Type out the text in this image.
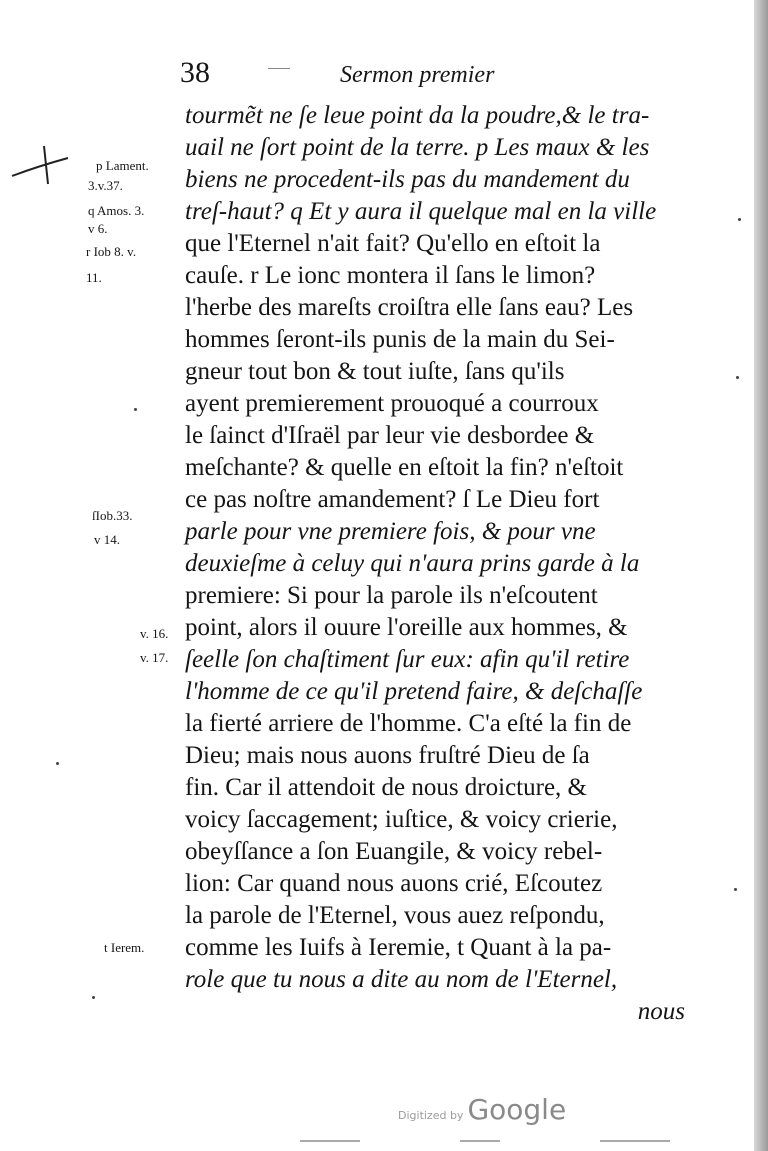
38	Sermon premier
p Lament.
3.v.37.
q Amos. 3.
v 6.
r Iob 8. v.
11.
ſIob.33.
v 14.
v. 16.
v. 17.
t Ierem.
tourmẽt ne ſe leue point da la poudre,& le tra-
uail ne ſort point de la terre. p Les maux & les
biens ne procedent-ils pas du mandement du
treſ-haut? q Et y aura il quelque mal en la ville
que l'Eternel n'ait fait? Qu'ello en eſtoit la
cauſe. r Le ionc montera il ſans le limon?
l'herbe des mareſts croiſtra elle ſans eau? Les
hommes ſeront-ils punis de la main du Sei-
gneur tout bon & tout iuſte, ſans qu'ils
ayent premierement prouoqué a courroux
le ſainct d'Iſraël par leur vie desbordee &
meſchante? & quelle en eſtoit la fin? n'eſtoit
ce pas noſtre amandement? ſ Le Dieu fort
parle pour vne premiere fois, & pour vne
deuxieſme à celuy qui n'aura prins garde à la
premiere: Si pour la parole ils n'eſcoutent
point, alors il ouure l'oreille aux hommes, &
ſeelle ſon chaſtiment ſur eux: afin qu'il retire
l'homme de ce qu'il pretend faire, & deſchaſſe
la fierté arriere de l'homme. C'a eſté la fin de
Dieu; mais nous auons fruſtré Dieu de ſa
fin. Car il attendoit de nous droicture, &
voicy ſaccagement; iuſtice, & voicy crierie,
obeyſſance a ſon Euangile, & voicy rebel-
lion: Car quand nous auons crié, Eſcoutez
la parole de l'Eternel, vous auez reſpondu,
comme les Iuifs à Ieremie, t Quant à la pa-
role que tu nous a dite au nom de l'Eternel,
nous
Digitized by Google
